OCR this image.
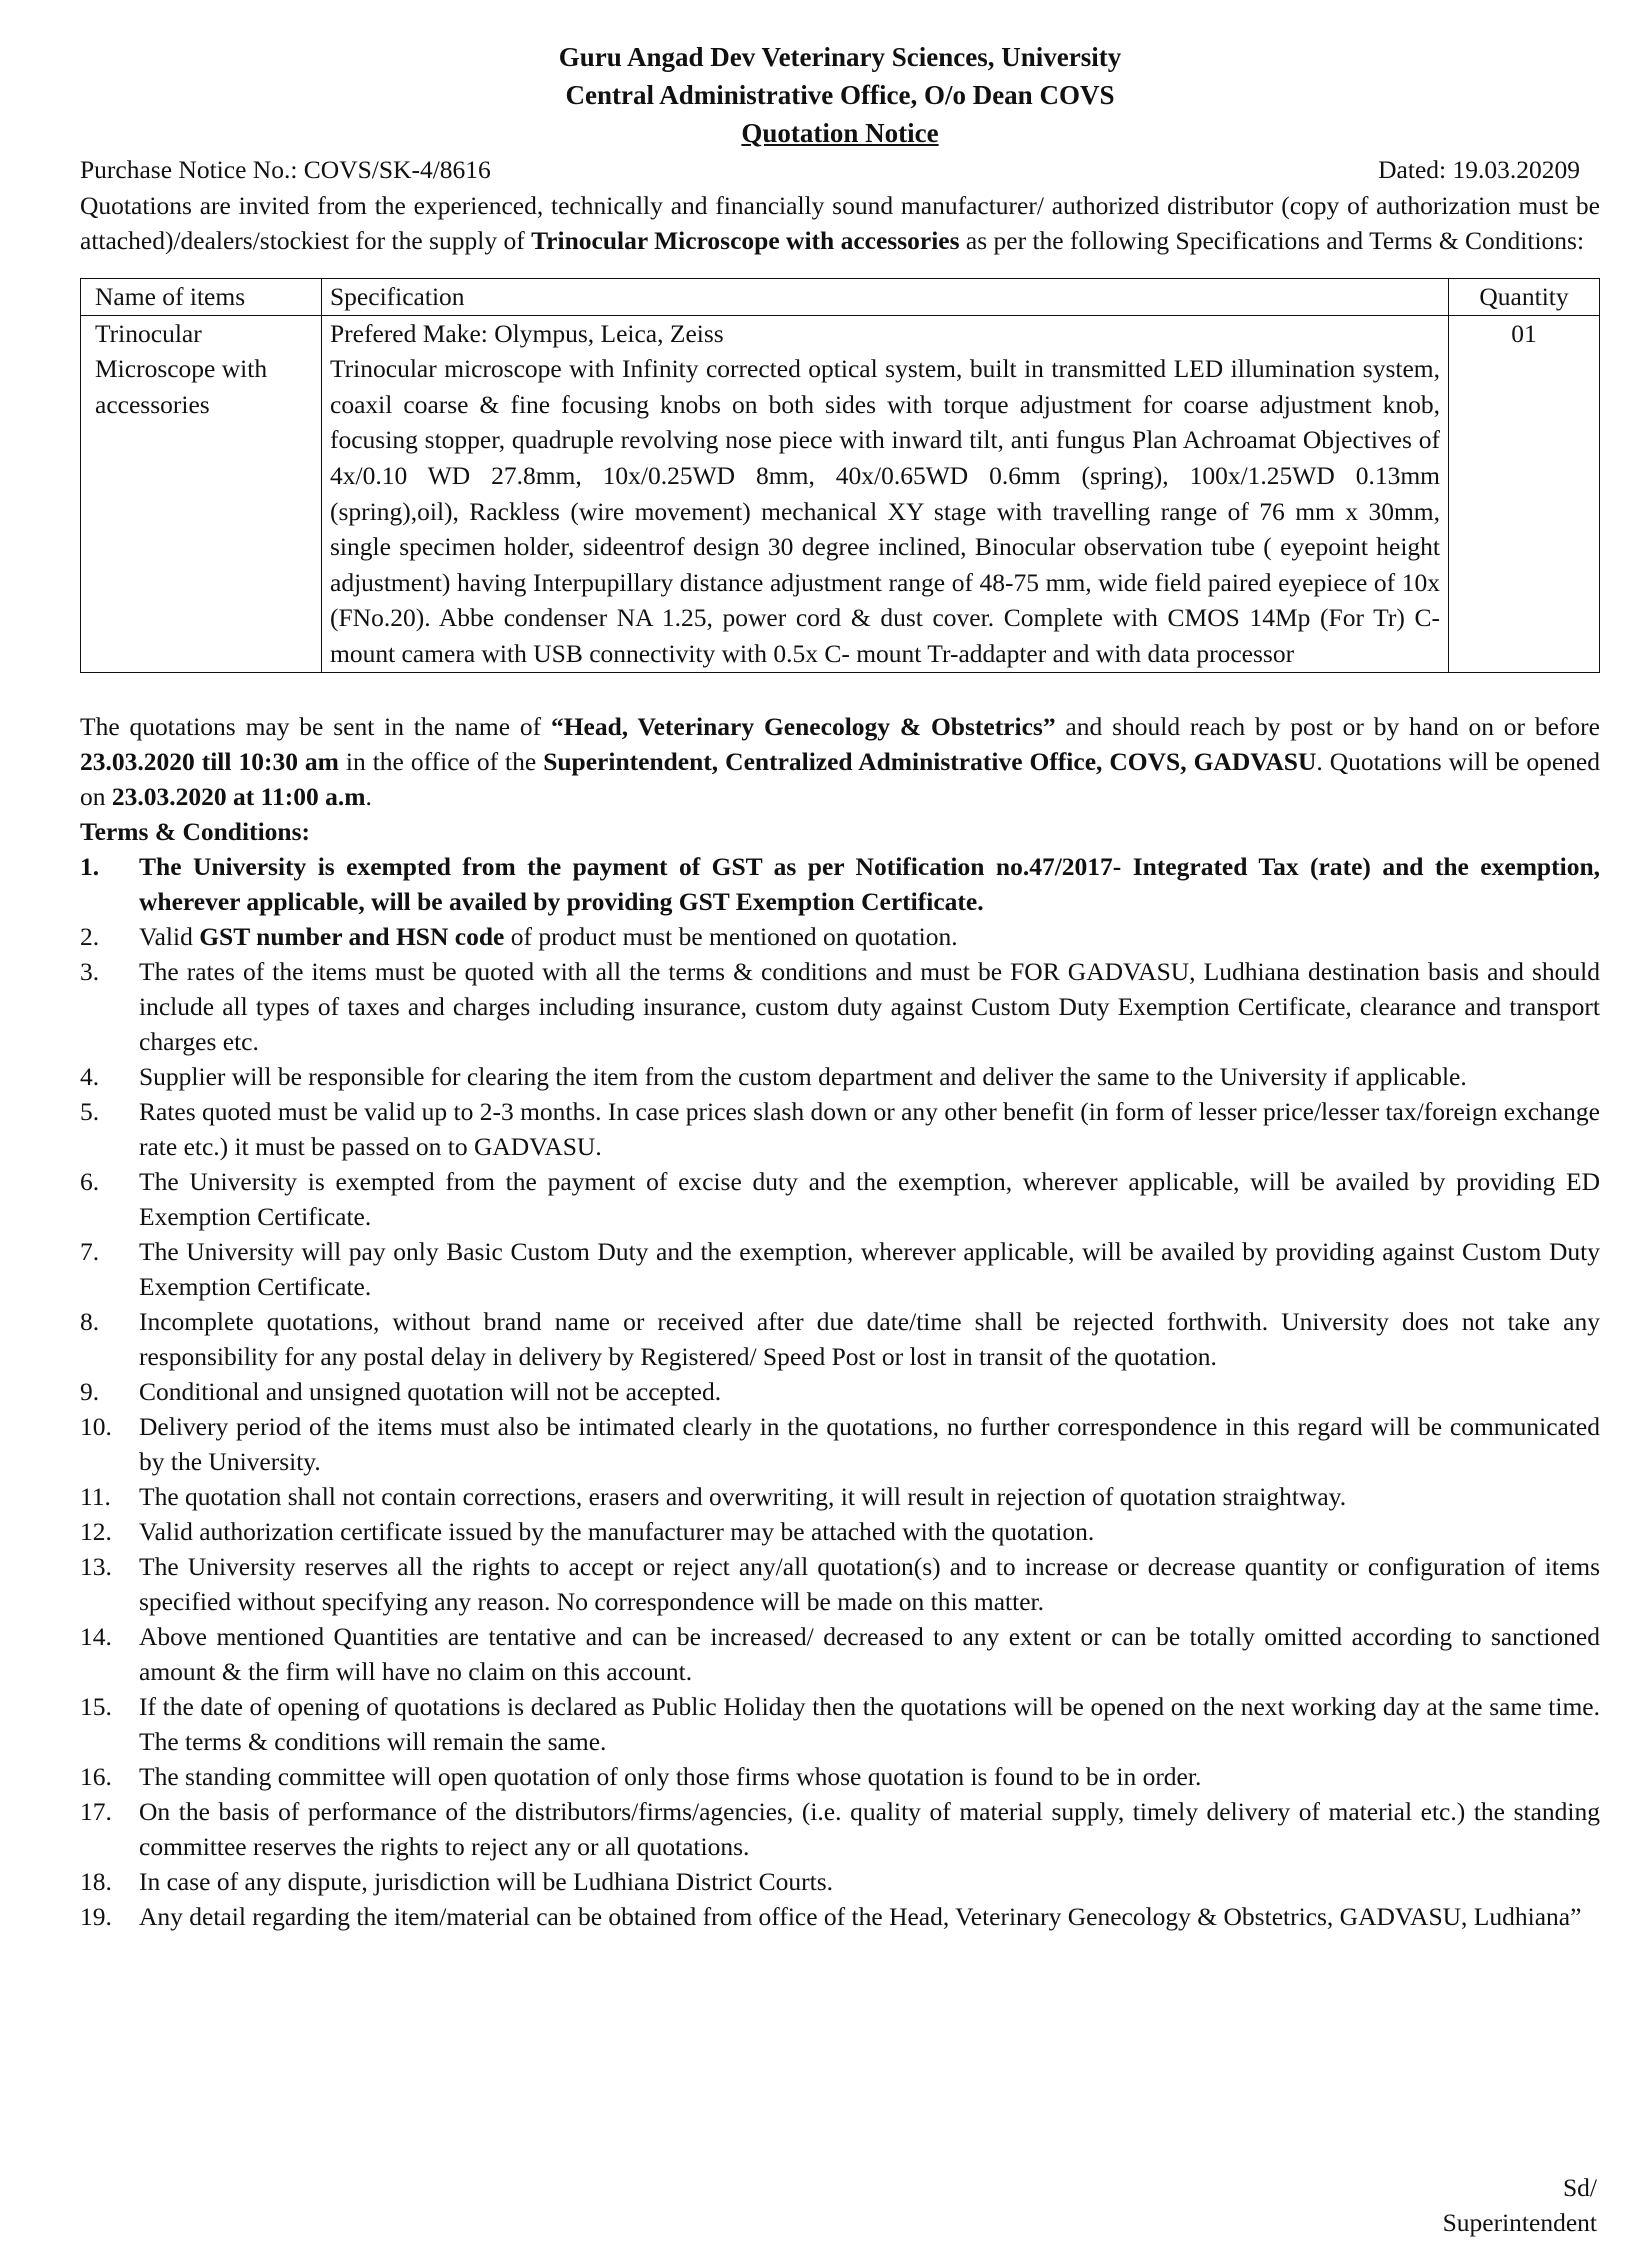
Guru Angad Dev Veterinary Sciences, University
Central Administrative Office, O/o Dean COVS
Quotation Notice
Purchase Notice No.: COVS/SK-4/8616	Dated: 19.03.20209
Quotations are invited from the experienced, technically and financially sound manufacturer/ authorized distributor (copy of authorization must be attached)/dealers/stockiest for the supply of Trinocular Microscope with accessories as per the following Specifications and Terms & Conditions:
Name of items	Specification	Quantity
Trinocular Microscope with accessories	Prefered Make: Olympus, Leica, Zeiss
Trinocular microscope with Infinity corrected optical system, built in transmitted LED illumination system, coaxil coarse & fine focusing knobs on both sides with torque adjustment for coarse adjustment knob, focusing stopper, quadruple revolving nose piece with inward tilt, anti fungus Plan Achroamat Objectives of 4x/0.10 WD 27.8mm, 10x/0.25WD 8mm, 40x/0.65WD 0.6mm (spring), 100x/1.25WD 0.13mm (spring),oil), Rackless (wire movement) mechanical XY stage with travelling range of 76 mm x 30mm, single specimen holder, sideentrof design 30 degree inclined, Binocular observation tube ( eyepoint height adjustment) having Interpupillary distance adjustment range of 48-75 mm, wide field paired eyepiece of 10x (FNo.20). Abbe condenser NA 1.25, power cord & dust cover. Complete with CMOS 14Mp (For Tr) C-mount camera with USB connectivity with 0.5x C- mount Tr-addapter and with data processor	01
The quotations may be sent in the name of “Head, Veterinary Genecology & Obstetrics” and should reach by post or by hand on or before 23.03.2020 till 10:30 am in the office of the Superintendent, Centralized Administrative Office, COVS, GADVASU. Quotations will be opened on 23.03.2020 at 11:00 a.m.
Terms & Conditions:
1.	The University is exempted from the payment of GST as per Notification no.47/2017- Integrated Tax (rate) and the exemption, wherever applicable, will be availed by providing GST Exemption Certificate.
2.	Valid GST number and HSN code of product must be mentioned on quotation.
3.	The rates of the items must be quoted with all the terms & conditions and must be FOR GADVASU, Ludhiana destination basis and should include all types of taxes and charges including insurance, custom duty against Custom Duty Exemption Certificate, clearance and transport charges etc.
4.	Supplier will be responsible for clearing the item from the custom department and deliver the same to the University if applicable.
5.	Rates quoted must be valid up to 2-3 months. In case prices slash down or any other benefit (in form of lesser price/lesser tax/foreign exchange rate etc.) it must be passed on to GADVASU.
6.	The University is exempted from the payment of excise duty and the exemption, wherever applicable, will be availed by providing ED Exemption Certificate.
7.	The University will pay only Basic Custom Duty and the exemption, wherever applicable, will be availed by providing against Custom Duty Exemption Certificate.
8.	Incomplete quotations, without brand name or received after due date/time shall be rejected forthwith. University does not take any responsibility for any postal delay in delivery by Registered/ Speed Post or lost in transit of the quotation.
9.	Conditional and unsigned quotation will not be accepted.
10.	Delivery period of the items must also be intimated clearly in the quotations, no further correspondence in this regard will be communicated by the University.
11.	The quotation shall not contain corrections, erasers and overwriting, it will result in rejection of quotation straightway.
12.	Valid authorization certificate issued by the manufacturer may be attached with the quotation.
13.	The University reserves all the rights to accept or reject any/all quotation(s) and to increase or decrease quantity or configuration of items specified without specifying any reason. No correspondence will be made on this matter.
14.	Above mentioned Quantities are tentative and can be increased/ decreased to any extent or can be totally omitted according to sanctioned amount & the firm will have no claim on this account.
15.	If the date of opening of quotations is declared as Public Holiday then the quotations will be opened on the next working day at the same time. The terms & conditions will remain the same.
16.	The standing committee will open quotation of only those firms whose quotation is found to be in order.
17.	On the basis of performance of the distributors/firms/agencies, (i.e. quality of material supply, timely delivery of material etc.) the standing committee reserves the rights to reject any or all quotations.
18.	In case of any dispute, jurisdiction will be Ludhiana District Courts.
19.	Any detail regarding the item/material can be obtained from office of the Head, Veterinary Genecology & Obstetrics, GADVASU, Ludhiana”
Sd/
Superintendent
